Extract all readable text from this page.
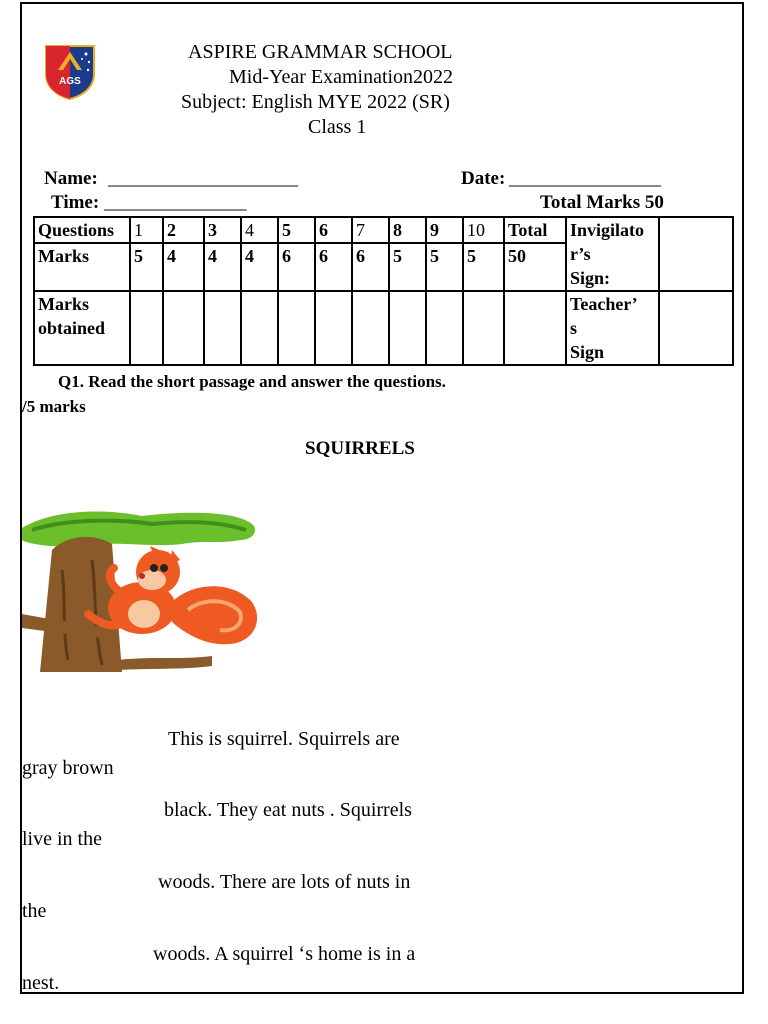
AGS
ASPIRE GRAMMAR SCHOOL
Mid-Year Examination2022
Subject: English MYE 2022 (SR)
Class 1
Name: ____________________	Date: ________________
Time: _______________	Total Marks 50
Questions	1	2	3	4	5	6	7	8	9	10	Total	Invigilato
r’s
Sign:	
Marks	5	4	4	4	6	6	6	5	5	5	50		
Marks
obtained												Teacher’
s
Sign	
Q1. Read the short passage and answer the questions.
/5 marks
SQUIRRELS
This is squirrel. Squirrels are
gray brown
black. They eat nuts . Squirrels
live in the
woods. There are lots of nuts in
the
woods. A squirrel ‘s home is in a
nest.
